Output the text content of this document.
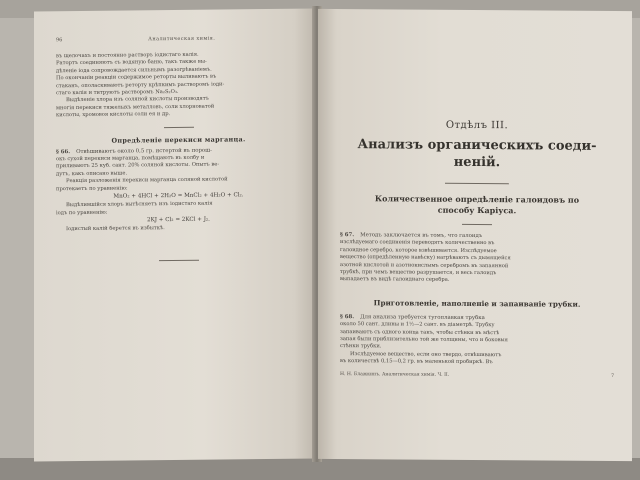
96	Аналитическая химія.
въ щелочахъ и постоянно растворъ іодистаго калія.
Ратортъ соединяютъ съ водяную баню, такъ также вы-
дѣленіе іода сопровождается сильнымъ разогрѣваніемъ.
По окончаніи реакціи содержимое реторты выливаютъ въ
стаканъ, ополаскиваютъ реторту крѣпкимъ растворомъ іоди-
стаго калія и титруютъ растворомъ Na₂S₂O₃.
Выдѣленіе хлора изъ соляной кислоты производятъ
многія перекиси тяжелыхъ металловъ, соли хлорноватой
кислоты, хромовоя кислоты соли ея и др.
Опредѣленіе перекиси марганца.
§ 66. Отвѣшиваютъ около 0,5 гр. истертой въ порош-
окъ сухой перекиси марганца, помѣщаютъ въ колбу и
приливаютъ 25 куб. сант. 20% соляной кислоты. Опытъ ве-
дутъ, какъ описано выше.
Реакція разложенія перекиси марганца соляной кислотой
протекаетъ по уравненію:
MnO₂ + 4HCl + 2H₂O = MnCl₂ + 4H₂O + Cl₂.
Выдѣлившійся хлоръ вытѣсняетъ изъ іодистаго калія
іодъ по уравненію:
2KJ + Cl₂ = 2KCl + J₂.
Іодистый калій берется въ избыткѣ.
Отдѣлъ III.
Анализъ органическихъ соеди-
неній.
Количественное опредѣленіе галоидовъ по
способу Каріуса.
§ 67. Методъ заключается въ томъ, что галоидъ
изслѣдуемаго соединенія переводятъ количественно въ
галоидное серебро, которое взвѣшивается. Изслѣдуемое
вещество (опредѣленную навѣску) нагрѣваютъ съ дымящейся
азотной кислотой и азотнокислымъ серебромъ въ запаянной
трубкѣ, при чемъ вещество разрушается, и весь галоидъ
выпадаетъ въ видѣ галоиднаго серебра.
Приготовленіе, наполненіе и запаиваніе трубки.
§ 68. Для анализа требуется тугоплавкая трубка
около 50 сант. длины и 1½—2 сант. въ діаметрѣ. Трубку
запаиваютъ съ одного конца такъ, чтобы стѣнки въ мѣстѣ
запая были приблизительно той же толщины, что и боковыя
стѣнки трубки.
Изслѣдуемое вещество, если оно твердо, отвѣшиваютъ
въ количествѣ 0,15—0,2 гр. въ маленькой пробиркѣ. Въ
Н. Н. Блажкинъ. Аналитическая химія. Ч. II.	7
